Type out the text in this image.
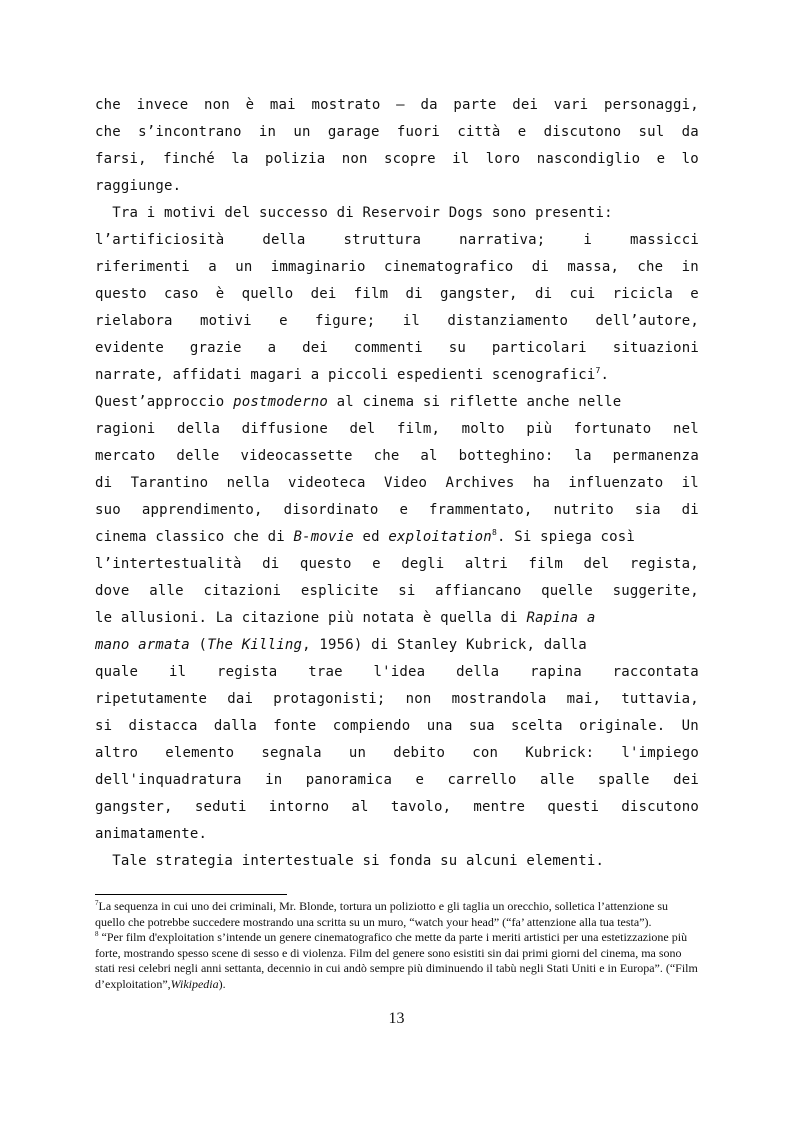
che invece non è mai mostrato – da parte dei vari personaggi,
che s’incontrano in un garage fuori città e discutono sul da
farsi, finché la polizia non scopre il loro nascondiglio e lo
raggiunge.
Tra i motivi del successo di Reservoir Dogs sono presenti:
l’artificiosità	della	struttura	narrativa;	i	massicci
riferimenti a un immaginario cinematografico di massa, che in
questo caso è quello dei film di gangster, di cui ricicla e
rielabora motivi e figure; il distanziamento dell’autore,
evidente grazie a dei commenti su particolari situazioni
narrate, affidati magari a piccoli espedienti scenografici$^7$.
Quest’approccio postmoderno al cinema si riflette anche nelle
ragioni della diffusione del film, molto più fortunato nel
mercato delle videocassette che al botteghino: la permanenza
di Tarantino nella videoteca Video Archives ha influenzato il
suo apprendimento, disordinato e frammentato, nutrito sia di
cinema classico che di B-movie ed exploitation$^8$. Si spiega così
l’intertestualità di questo e degli altri film del regista,
dove alle citazioni esplicite si affiancano quelle suggerite,
le allusioni. La citazione più notata è quella di Rapina a
mano armata (The Killing, 1956) di Stanley Kubrick, dalla
quale il regista trae l'idea della rapina raccontata
ripetutamente dai protagonisti; non mostrandola mai, tuttavia,
si distacca dalla fonte compiendo una sua scelta originale. Un
altro elemento segnala un debito con Kubrick: l'impiego
dell'inquadratura in panoramica e carrello alle spalle dei
gangster, seduti intorno al tavolo, mentre questi discutono
animatamente.
Tale strategia intertestuale si fonda su alcuni elementi.

$^7$La sequenza in cui uno dei criminali, Mr. Blonde, tortura un poliziotto e gli taglia un orecchio, solletica l’attenzione su quello che potrebbe succedere mostrando una scritta su un muro, “watch your head” (“fa’ attenzione alla tua testa”).

$^8$ “Per film d'exploitation s’intende un genere cinematografico che mette da parte i meriti artistici per una estetizzazione più forte, mostrando spesso scene di sesso e di violenza. Film del genere sono esistiti sin dai primi giorni del cinema, ma sono stati resi celebri negli anni settanta, decennio in cui andò sempre più diminuendo il tabù negli Stati Uniti e in Europa”. (“Film d’exploitation”,Wikipedia).

13
